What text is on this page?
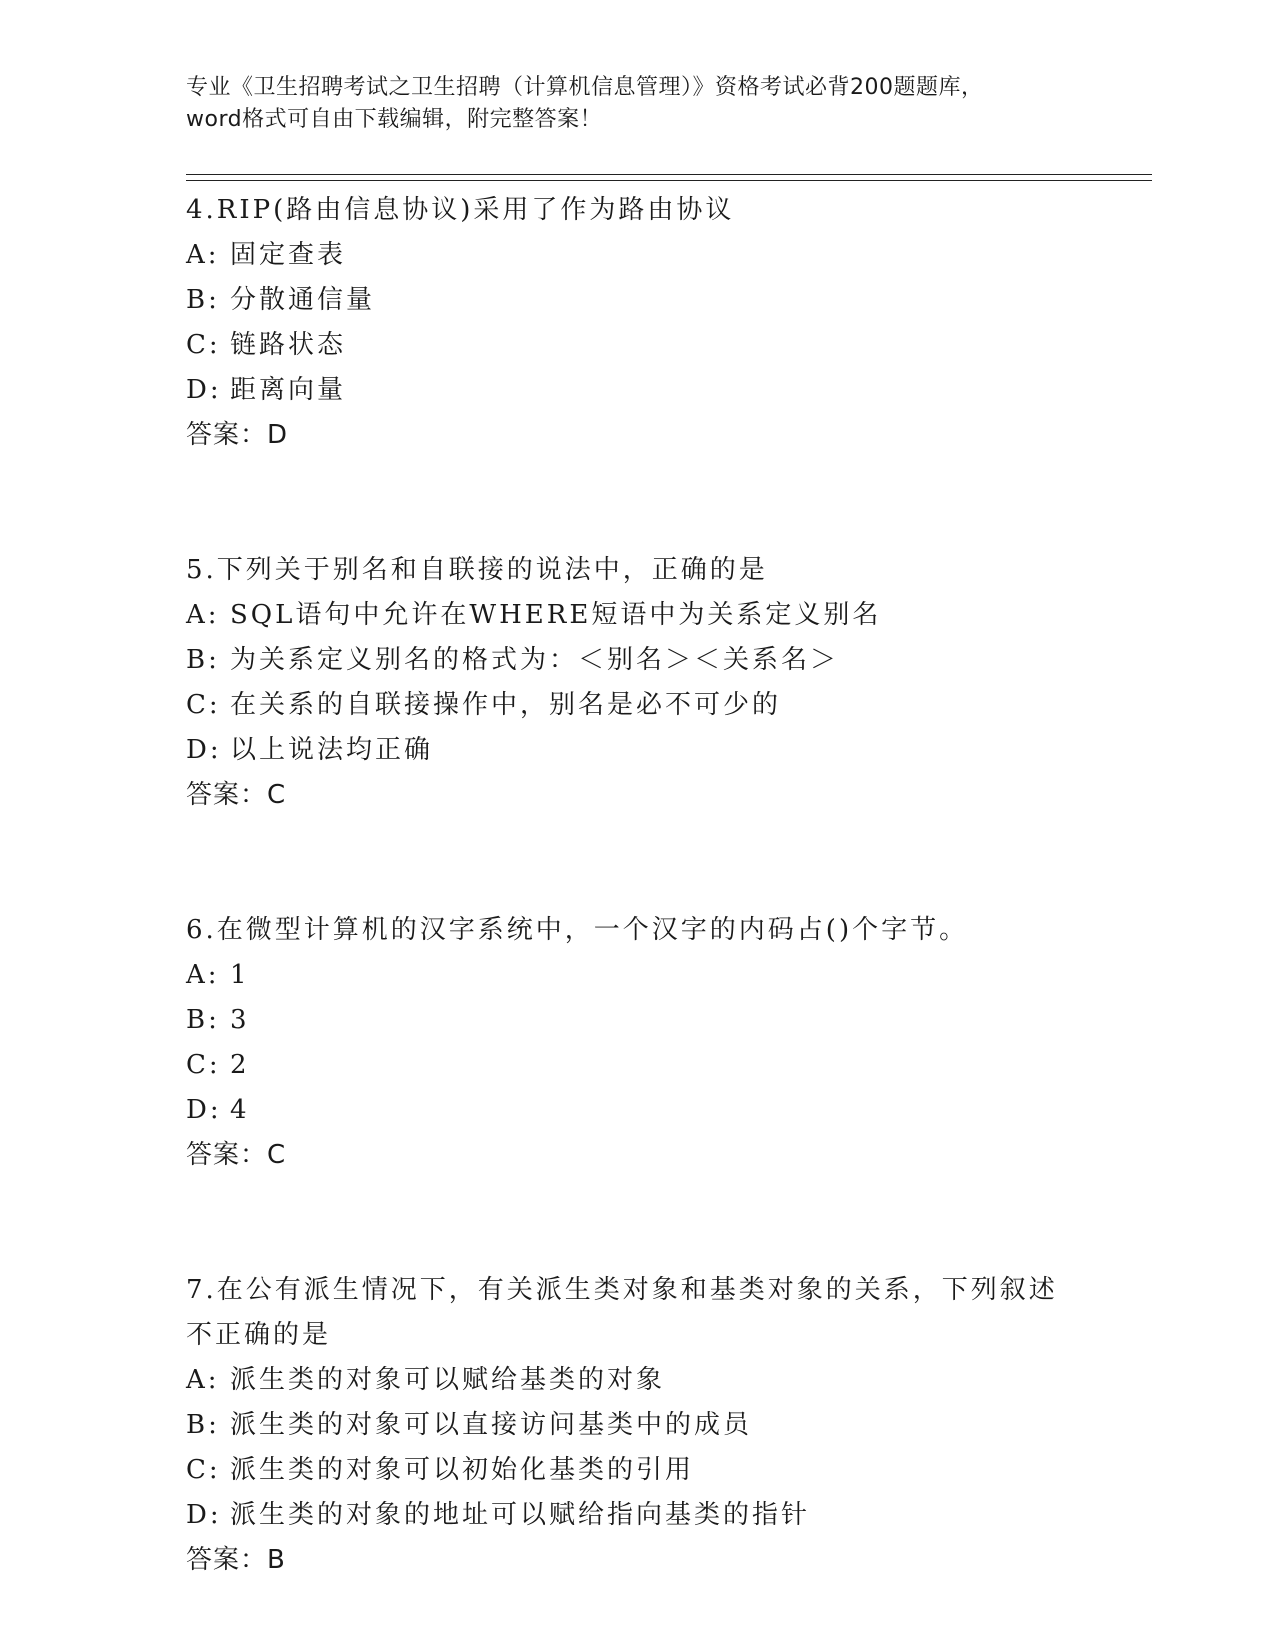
专业《卫生招聘考试之卫生招聘（计算机信息管理）》资格考试必背200题题库，
word格式可自由下载编辑，附完整答案！
4.RIP(路由信息协议)采用了作为路由协议
A: 固定查表
B: 分散通信量
C: 链路状态
D: 距离向量
答案：D
5.下列关于别名和自联接的说法中，正确的是
A: SQL语句中允许在WHERE短语中为关系定义别名
B: 为关系定义别名的格式为：＜别名＞＜关系名＞
C: 在关系的自联接操作中，别名是必不可少的
D: 以上说法均正确
答案：C
6.在微型计算机的汉字系统中，一个汉字的内码占()个字节。
A: 1
B: 3
C: 2
D: 4
答案：C
7.在公有派生情况下，有关派生类对象和基类对象的关系，下列叙述
不正确的是
A: 派生类的对象可以赋给基类的对象
B: 派生类的对象可以直接访问基类中的成员
C: 派生类的对象可以初始化基类的引用
D: 派生类的对象的地址可以赋给指向基类的指针
答案：B
